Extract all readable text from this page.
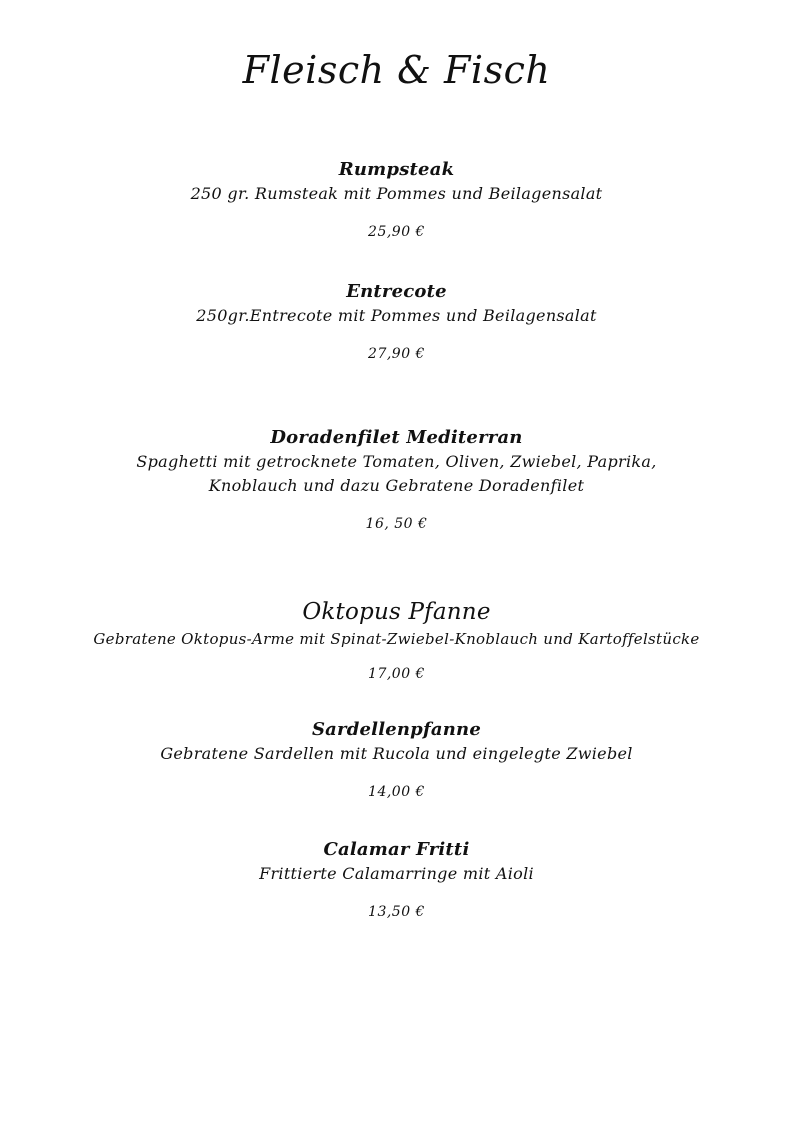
Fleisch & Fisch

Rumpsteak

250 gr. Rumsteak mit Pommes und Beilagensalat

25,90 €

Entrecote

250gr.Entrecote mit Pommes und Beilagensalat

27,90 €

Doradenfilet Mediterran

Spaghetti mit getrocknete Tomaten, Oliven, Zwiebel, Paprika,

Knoblauch und dazu Gebratene Doradenfilet

16, 50 €

Oktopus Pfanne

Gebratene Oktopus-Arme mit Spinat-Zwiebel-Knoblauch und Kartoffelstücke

17,00 €

Sardellenpfanne

Gebratene Sardellen mit Rucola und eingelegte Zwiebel

14,00 €

Calamar Fritti

Frittierte Calamarringe mit Aioli

13,50 €
